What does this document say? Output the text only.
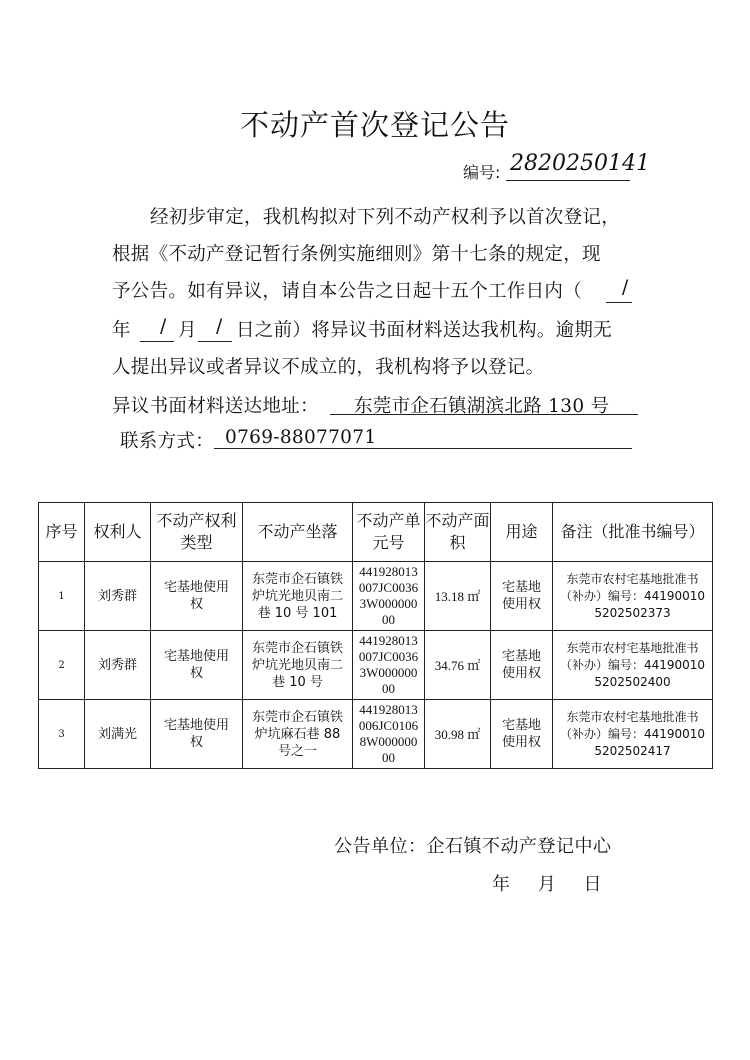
不动产首次登记公告
编号: 2820250141
经初步审定，我机构拟对下列不动产权利予以首次登记，
根据《不动产登记暂行条例实施细则》第十七条的规定，现
予公告。如有异议，请自本公告之日起十五个工作日内（ /
年 / 月 / 日之前）将异议书面材料送达我机构。逾期无
人提出异议或者异议不成立的，我机构将予以登记。
异议书面材料送达地址： 东莞市企石镇湖滨北路 130 号
联系方式： 0769-88077071
序号	权利人	不动产权利类型	不动产坐落	不动产单元号	不动产面积	用途	备注（批准书编号）
1	刘秀群	宅基地使用权	东莞市企石镇铁炉坑光地贝南二巷 10 号 101	441928013007JC00363W00000000	13.18 ㎡	宅基地使用权	东莞市农村宅基地批准书（补办）编号：441900105202502373
2	刘秀群	宅基地使用权	东莞市企石镇铁炉坑光地贝南二巷 10 号	441928013007JC00363W00000000	34.76 ㎡	宅基地使用权	东莞市农村宅基地批准书（补办）编号：441900105202502400
3	刘满光	宅基地使用权	东莞市企石镇铁炉坑麻石巷 88 号之一	441928013006JC01068W00000000	30.98 ㎡	宅基地使用权	东莞市农村宅基地批准书（补办）编号：441900105202502417
公告单位：企石镇不动产登记中心
年 月 日
